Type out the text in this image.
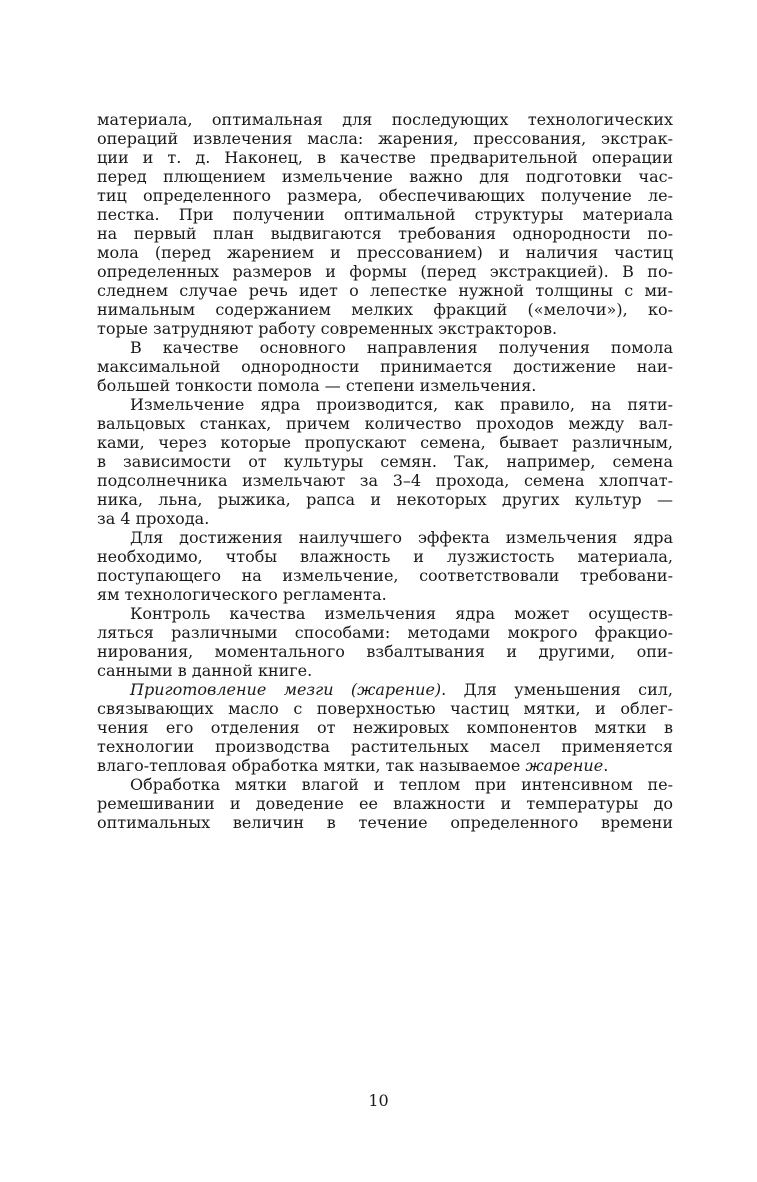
материала, оптимальная для последующих технологических
операций извлечения масла: жарения, прессования, экстрак-
ции и т. д. Наконец, в качестве предварительной операции
перед плющением измельчение важно для подготовки час-
тиц определенного размера, обеспечивающих получение ле-
пестка. При получении оптимальной структуры материала
на первый план выдвигаются требования однородности по-
мола (перед жарением и прессованием) и наличия частиц
определенных размеров и формы (перед экстракцией). В по-
следнем случае речь идет о лепестке нужной толщины с ми-
нимальным содержанием мелких фракций («мелочи»), ко-
торые затрудняют работу современных экстракторов.
В качестве основного направления получения помола
максимальной однородности принимается достижение наи-
большей тонкости помола — степени измельчения.
Измельчение ядра производится, как правило, на пяти-
вальцовых станках, причем количество проходов между вал-
ками, через которые пропускают семена, бывает различным,
в зависимости от культуры семян. Так, например, семена
подсолнечника измельчают за 3–4 прохода, семена хлопчат-
ника, льна, рыжика, рапса и некоторых других культур —
за 4 прохода.
Для достижения наилучшего эффекта измельчения ядра
необходимо, чтобы влажность и лузжистость материала,
поступающего на измельчение, соответствовали требовани-
ям технологического регламента.
Контроль качества измельчения ядра может осуществ-
ляться различными способами: методами мокрого фракцио-
нирования, моментального взбалтывания и другими, опи-
санными в данной книге.
Приготовление мезги (жарение). Для уменьшения сил,
связывающих масло с поверхностью частиц мятки, и облег-
чения его отделения от нежировых компонентов мятки в
технологии производства растительных масел применяется
влаго-тепловая обработка мятки, так называемое жарение.
Обработка мятки влагой и теплом при интенсивном пе-
ремешивании и доведение ее влажности и температуры до
оптимальных величин в течение определенного времени
10
